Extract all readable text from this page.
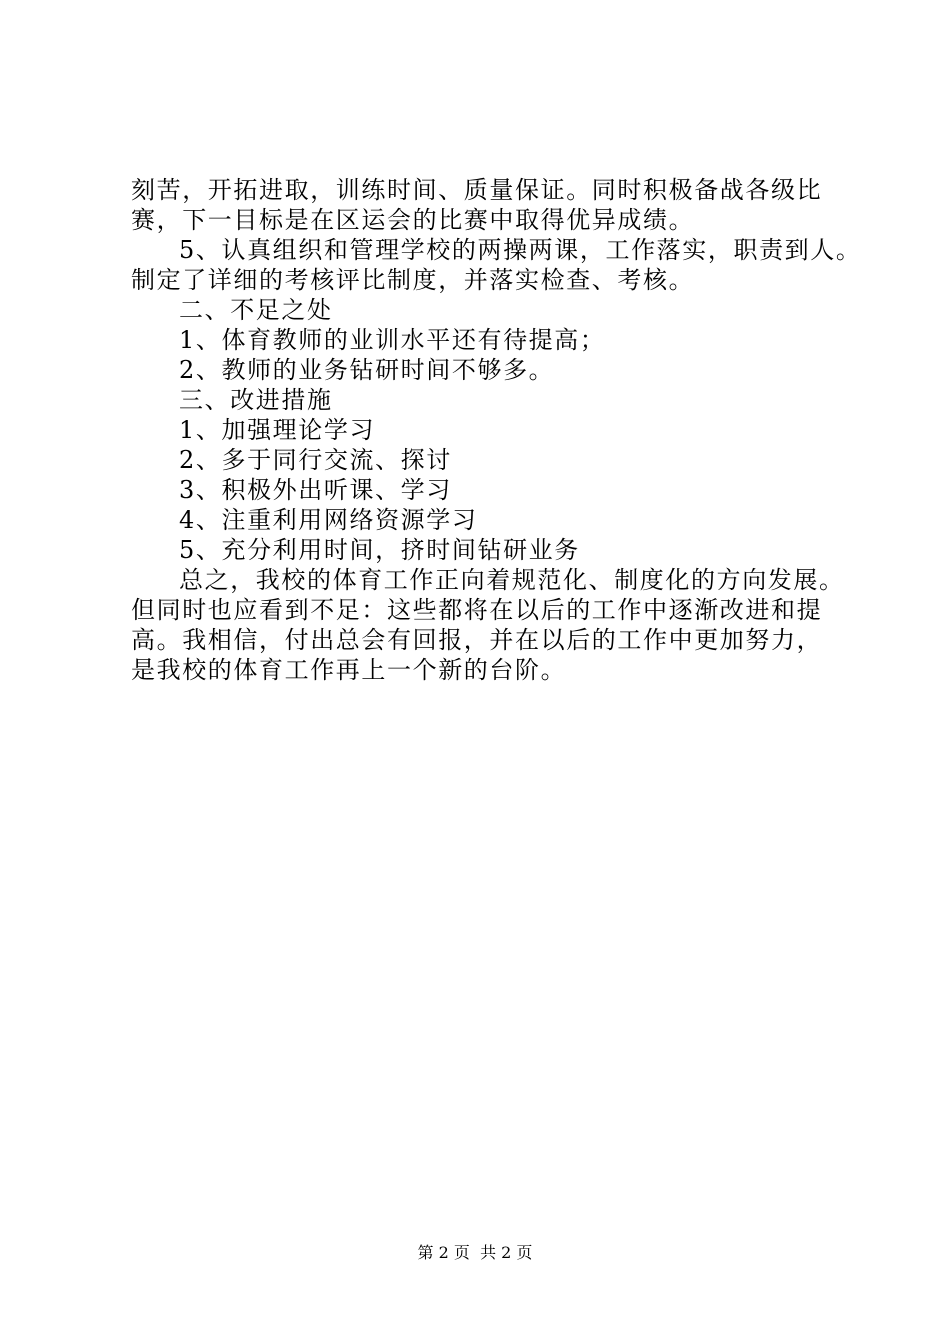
刻苦，开拓进取，训练时间、质量保证。同时积极备战各级比
赛，下一目标是在区运会的比赛中取得优异成绩。
5、认真组织和管理学校的两操两课，工作落实，职责到人。
制定了详细的考核评比制度，并落实检查、考核。
二、不足之处
1、体育教师的业训水平还有待提高；
2、教师的业务钻研时间不够多。
三、改进措施
1、加强理论学习
2、多于同行交流、探讨
3、积极外出听课、学习
4、注重利用网络资源学习
5、充分利用时间，挤时间钻研业务
总之，我校的体育工作正向着规范化、制度化的方向发展。
但同时也应看到不足：这些都将在以后的工作中逐渐改进和提
高。我相信，付出总会有回报，并在以后的工作中更加努力，
是我校的体育工作再上一个新的台阶。
第 2 页  共 2 页
